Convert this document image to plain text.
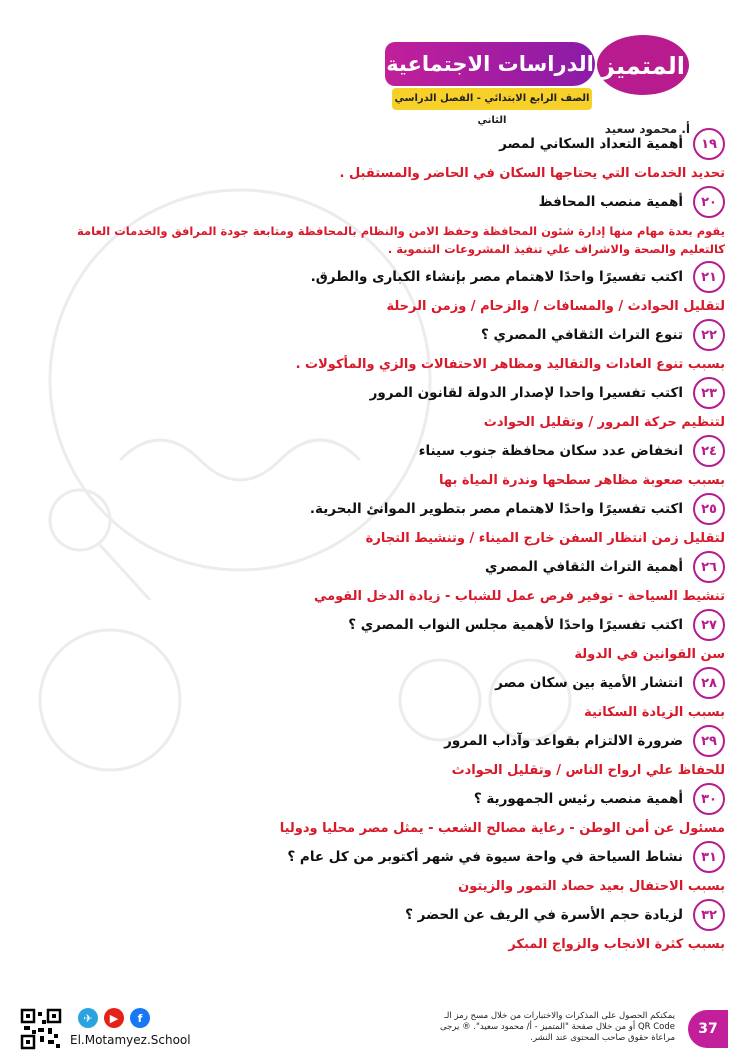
الدراسات الاجتماعية
الصف الرابع الابتدائي - الفصل الدراسي الثاني
المتميز
أ. محمود سعيد
١٩
أهمية التعداد السكاني لمصر
تحديد الخدمات التي يحتاجها السكان في الحاضر والمستقبل .
٢٠
أهمية منصب المحافظ
يقوم بعدة مهام منها إدارة شئون المحافظة وحفظ الامن والنظام بالمحافظة ومتابعة جودة المرافق والخدمات العامة كالتعليم والصحة والاشراف علي تنفيذ المشروعات التنموية .
٢١
اكتب تفسيرًا واحدًا لاهتمام مصر بإنشاء الكبارى والطرق.
لتقليل الحوادث / والمسافات / والزحام / وزمن الرحلة
٢٢
تنوع التراث الثقافي المصري ؟
بسبب تنوع العادات والتقاليد ومظاهر الاحتفالات والزي والمأكولات .
٢٣
اكتب تفسيرا واحدا لإصدار الدولة لقانون المرور
لتنظيم حركة المرور / وتقليل الحوادث
٢٤
انخفاض عدد سكان محافظة جنوب سيناء
بسبب صعوبة مظاهر سطحها وندرة المياة بها
٢٥
اكتب تفسيرًا واحدًا لاهتمام مصر بتطوير الموانئ البحرية.
لتقليل زمن انتظار السفن خارج الميناء / وتنشيط التجارة
٢٦
أهمية التراث الثقافي المصري
تنشيط السياحة - توفير فرص عمل للشباب - زيادة الدخل القومي
٢٧
اكتب تفسيرًا واحدًا لأهمية مجلس النواب المصري ؟
سن القوانين في الدولة
٢٨
انتشار الأمية بين سكان مصر
بسبب الزيادة السكانية
٢٩
ضرورة الالتزام بقواعد وآداب المرور
للحفاظ علي ارواح الناس / وتقليل الحوادث
٣٠
أهمية منصب رئيس الجمهورية ؟
مسئول عن أمن الوطن - رعاية مصالح الشعب - يمثل مصر محليا ودوليا
٣١
نشاط السياحة في واحة سيوة في شهر أكتوبر من كل عام ؟
بسبب الاحتفال بعيد حصاد التمور والزيتون
٣٢
لزيادة حجم الأسرة في الريف عن الحضر ؟
بسبب كثرة الانجاب والزواج المبكر
37
يمكنكم الحصول على المذكرات والاختبارات من خلال مسح رمز الـ QR Code أو من خلال صفحة "المتميز - أ/ محمود سعيد". ® يرجى مراعاة حقوق صاحب المحتوى عند النشر.
✈	▶	f
El.Motamyez.School
